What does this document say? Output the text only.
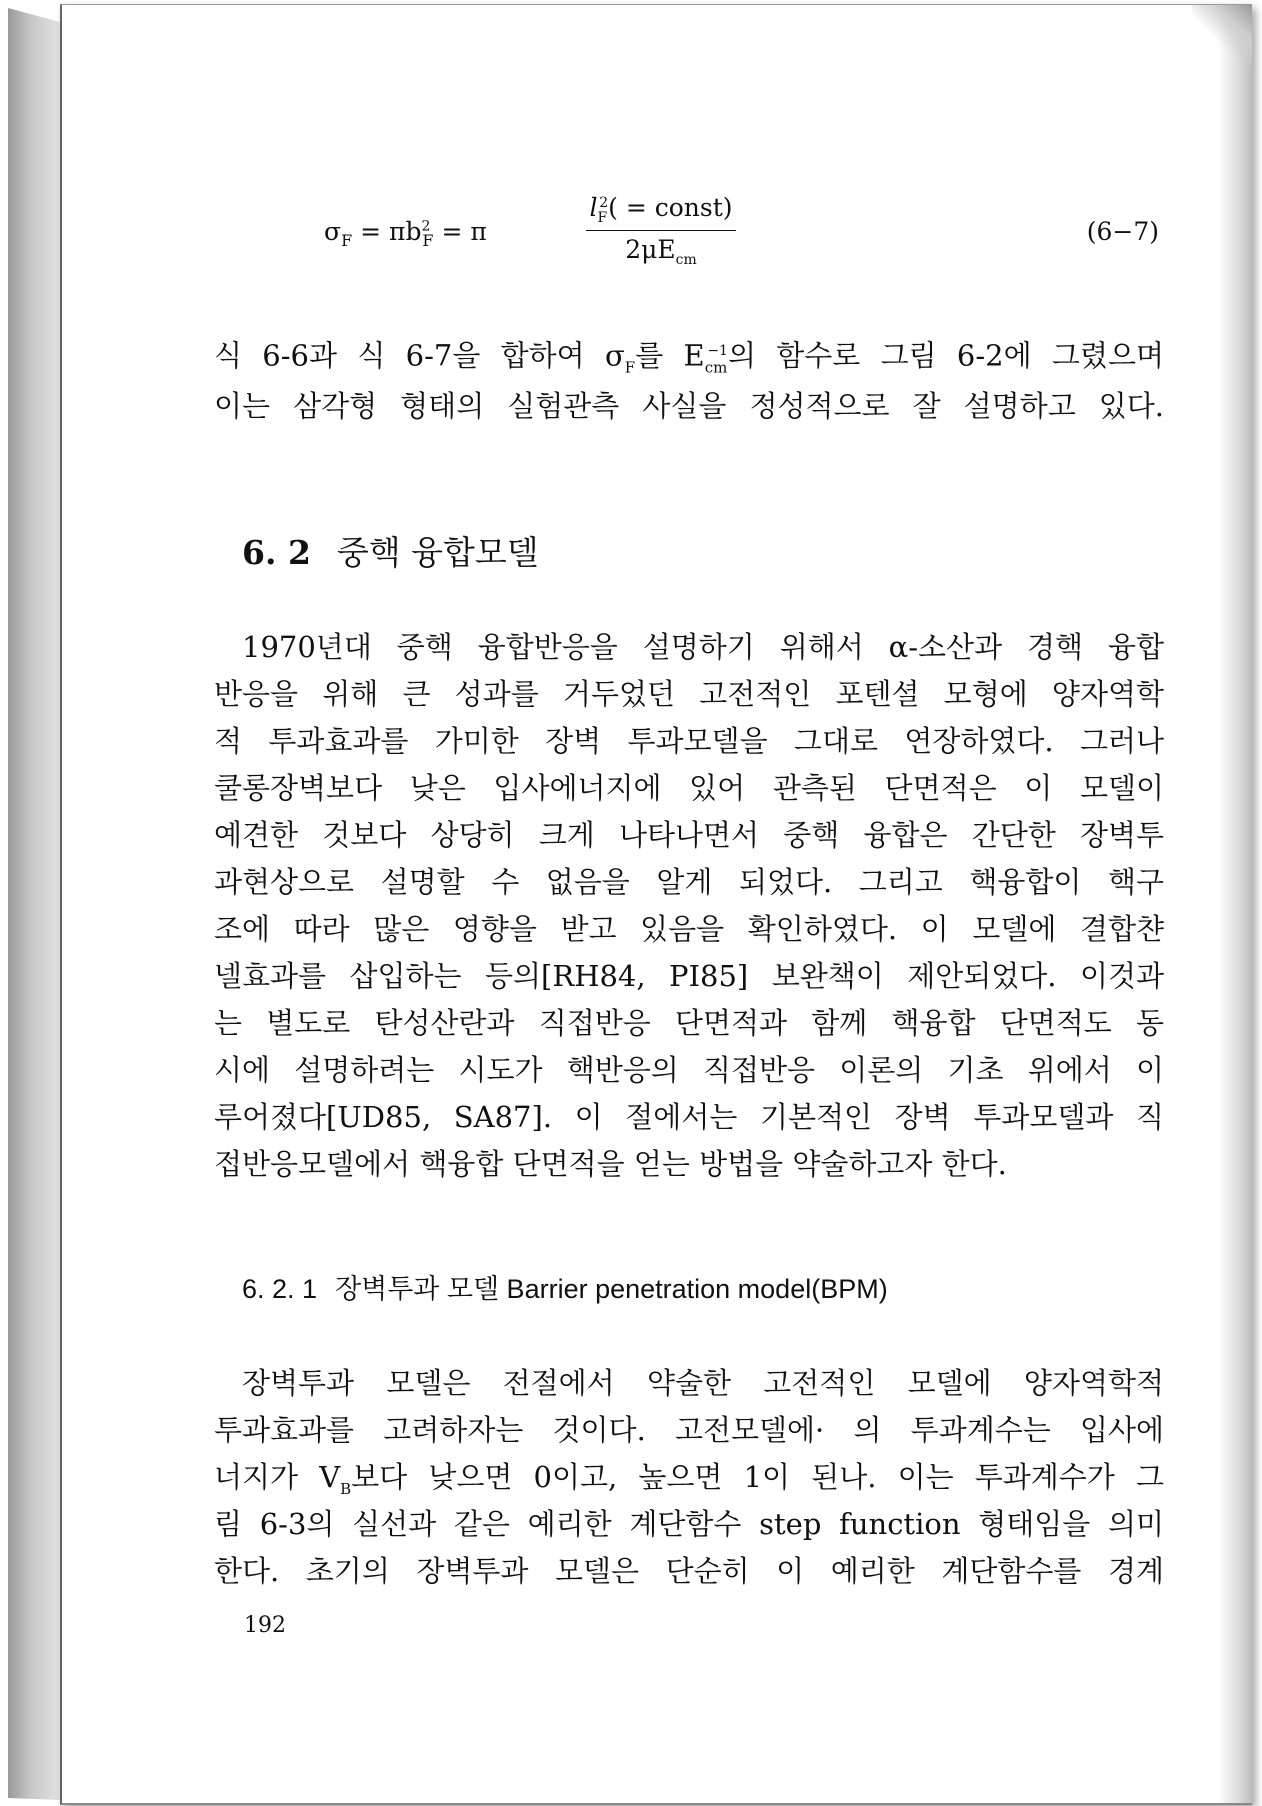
$\sigma_F = \pi b^2_F = \pi$
$l_F^2$( = const)
$2\mu E_{cm}$
(6−7)
식 6-6과 식 6-7을 합하여 $\sigma_F$를 $E_{cm}^{-1}$의 함수로 그림 6-2에 그렸으며
이는 삼각형 형태의 실험관측 사실을 정성적으로 잘 설명하고 있다.
6. 2 중핵 융합모델
1970년대 중핵 융합반응을 설명하기 위해서 α-소산과 경핵 융합
반응을 위해 큰 성과를 거두었던 고전적인 포텐셜 모형에 양자역학
적 투과효과를 가미한 장벽 투과모델을 그대로 연장하였다. 그러나
쿨롱장벽보다 낮은 입사에너지에 있어 관측된 단면적은 이 모델이
예견한 것보다 상당히 크게 나타나면서 중핵 융합은 간단한 장벽투
과현상으로 설명할 수 없음을 알게 되었다. 그리고 핵융합이 핵구
조에 따라 많은 영향을 받고 있음을 확인하였다. 이 모델에 결합챤
넬효과를 삽입하는 등의[RH84, PI85] 보완책이 제안되었다. 이것과
는 별도로 탄성산란과 직접반응 단면적과 함께 핵융합 단면적도 동
시에 설명하려는 시도가 핵반응의 직접반응 이론의 기초 위에서 이
루어졌다[UD85, SA87]. 이 절에서는 기본적인 장벽 투과모델과 직
접반응모델에서 핵융합 단면적을 얻는 방법을 약술하고자 한다.
6. 2. 1 장벽투과 모델 Barrier penetration model(BPM)
장벽투과 모델은 전절에서 약술한 고전적인 모델에 양자역학적
투과효과를 고려하자는 것이다. 고전모델에· 의 투과계수는 입사에
너지가 $V_B$보다 낮으면 0이고, 높으면 1이 된나. 이는 투과계수가 그
림 6-3의 실선과 같은 예리한 계단함수 step function 형태임을 의미
한다. 초기의 장벽투과 모델은 단순히 이 예리한 계단함수를 경계
192
